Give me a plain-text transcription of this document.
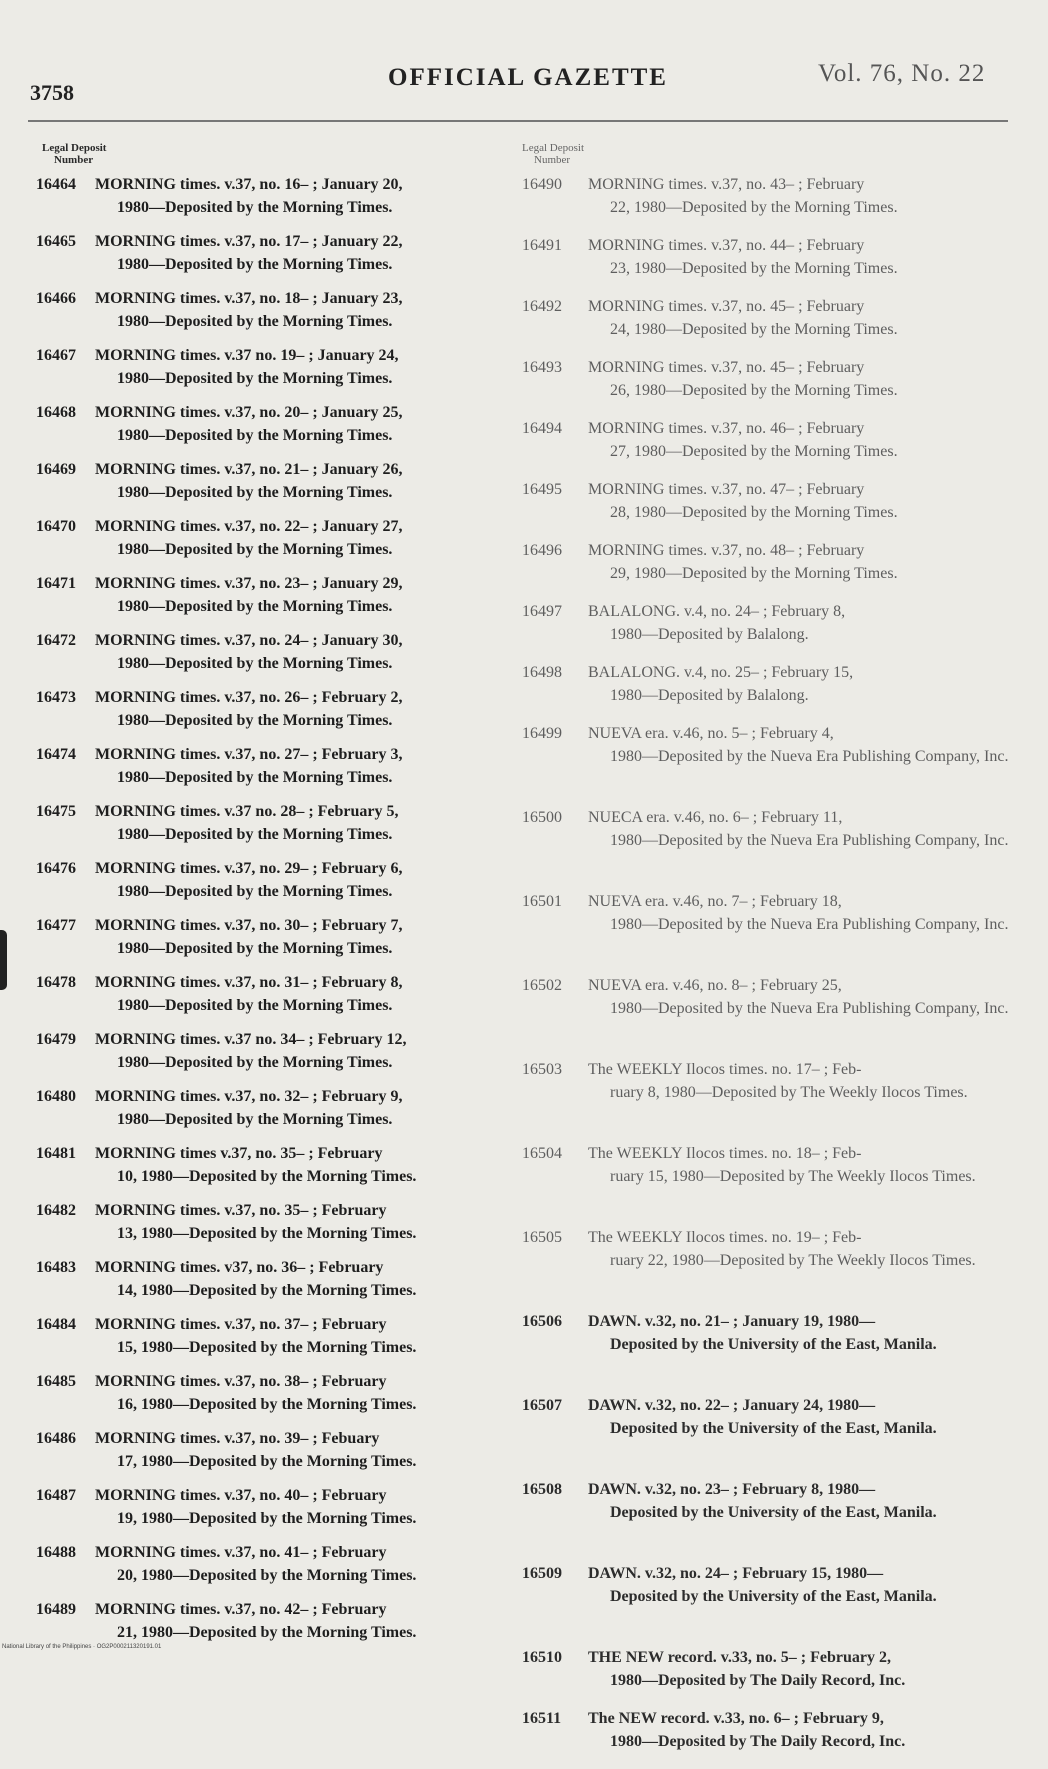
3758
OFFICIAL GAZETTE	Vol. 76, No. 22
Legal Deposit
Number
16464	MORNING times. v.37, no. 16– ; January 20,
1980—Deposited by the Morning Times.
16465	MORNING times. v.37, no. 17– ; January 22,
1980—Deposited by the Morning Times.
16466	MORNING times. v.37, no. 18– ; January 23,
1980—Deposited by the Morning Times.
16467	MORNING times. v.37 no. 19– ; January 24,
1980—Deposited by the Morning Times.
16468	MORNING times. v.37, no. 20– ; January 25,
1980—Deposited by the Morning Times.
16469	MORNING times. v.37, no. 21– ; January 26,
1980—Deposited by the Morning Times.
16470	MORNING times. v.37, no. 22– ; January 27,
1980—Deposited by the Morning Times.
16471	MORNING times. v.37, no. 23– ; January 29,
1980—Deposited by the Morning Times.
16472	MORNING times. v.37, no. 24– ; January 30,
1980—Deposited by the Morning Times.
16473	MORNING times. v.37, no. 26– ; February 2,
1980—Deposited by the Morning Times.
16474	MORNING times. v.37, no. 27– ; February 3,
1980—Deposited by the Morning Times.
16475	MORNING times. v.37 no. 28– ; February 5,
1980—Deposited by the Morning Times.
16476	MORNING times. v.37, no. 29– ; February 6,
1980—Deposited by the Morning Times.
16477	MORNING times. v.37, no. 30– ; February 7,
1980—Deposited by the Morning Times.
16478	MORNING times. v.37, no. 31– ; February 8,
1980—Deposited by the Morning Times.
16479	MORNING times. v.37 no. 34– ; February 12,
1980—Deposited by the Morning Times.
16480	MORNING times. v.37, no. 32– ; February 9,
1980—Deposited by the Morning Times.
16481	MORNING times v.37, no. 35– ; February
10, 1980—Deposited by the Morning Times.
16482	MORNING times. v.37, no. 35– ; February
13, 1980—Deposited by the Morning Times.
16483	MORNING times. v37, no. 36– ; February
14, 1980—Deposited by the Morning Times.
16484	MORNING times. v.37, no. 37– ; February
15, 1980—Deposited by the Morning Times.
16485	MORNING times. v.37, no. 38– ; February
16, 1980—Deposited by the Morning Times.
16486	MORNING times. v.37, no. 39– ; Febuary
17, 1980—Deposited by the Morning Times.
16487	MORNING times. v.37, no. 40– ; February
19, 1980—Deposited by the Morning Times.
16488	MORNING times. v.37, no. 41– ; February
20, 1980—Deposited by the Morning Times.
16489	MORNING times. v.37, no. 42– ; February
21, 1980—Deposited by the Morning Times.
Legal Deposit
Number
16490	MORNING times. v.37, no. 43– ; February
22, 1980—Deposited by the Morning Times.
16491	MORNING times. v.37, no. 44– ; February
23, 1980—Deposited by the Morning Times.
16492	MORNING times. v.37, no. 45– ; February
24, 1980—Deposited by the Morning Times.
16493	MORNING times. v.37, no. 45– ; February
26, 1980—Deposited by the Morning Times.
16494	MORNING times. v.37, no. 46– ; February
27, 1980—Deposited by the Morning Times.
16495	MORNING times. v.37, no. 47– ; February
28, 1980—Deposited by the Morning Times.
16496	MORNING times. v.37, no. 48– ; February
29, 1980—Deposited by the Morning Times.
16497	BALALONG. v.4, no. 24– ; February 8,
1980—Deposited by Balalong.
16498	BALALONG. v.4, no. 25– ; February 15,
1980—Deposited by Balalong.
16499	NUEVA era. v.46, no. 5– ; February 4,
1980—Deposited by the Nueva Era Publishing Company, Inc.
16500	NUECA era. v.46, no. 6– ; February 11,
1980—Deposited by the Nueva Era Publishing Company, Inc.
16501	NUEVA era. v.46, no. 7– ; February 18,
1980—Deposited by the Nueva Era Publishing Company, Inc.
16502	NUEVA era. v.46, no. 8– ; February 25,
1980—Deposited by the Nueva Era Publishing Company, Inc.
16503	The WEEKLY Ilocos times. no. 17– ; Feb-
ruary 8, 1980—Deposited by The Weekly Ilocos Times.
16504	The WEEKLY Ilocos times. no. 18– ; Feb-
ruary 15, 1980—Deposited by The Weekly Ilocos Times.
16505	The WEEKLY Ilocos times. no. 19– ; Feb-
ruary 22, 1980—Deposited by The Weekly Ilocos Times.
16506	DAWN. v.32, no. 21– ; January 19, 1980—
Deposited by the University of the East, Manila.
16507	DAWN. v.32, no. 22– ; January 24, 1980—
Deposited by the University of the East, Manila.
16508	DAWN. v.32, no. 23– ; February 8, 1980—
Deposited by the University of the East, Manila.
16509	DAWN. v.32, no. 24– ; February 15, 1980—
Deposited by the University of the East, Manila.
16510	THE NEW record. v.33, no. 5– ; February 2,
1980—Deposited by The Daily Record, Inc.
16511	The NEW record. v.33, no. 6– ; February 9,
1980—Deposited by The Daily Record, Inc.
National Library of the Philippines · OG2P000211320191.01
